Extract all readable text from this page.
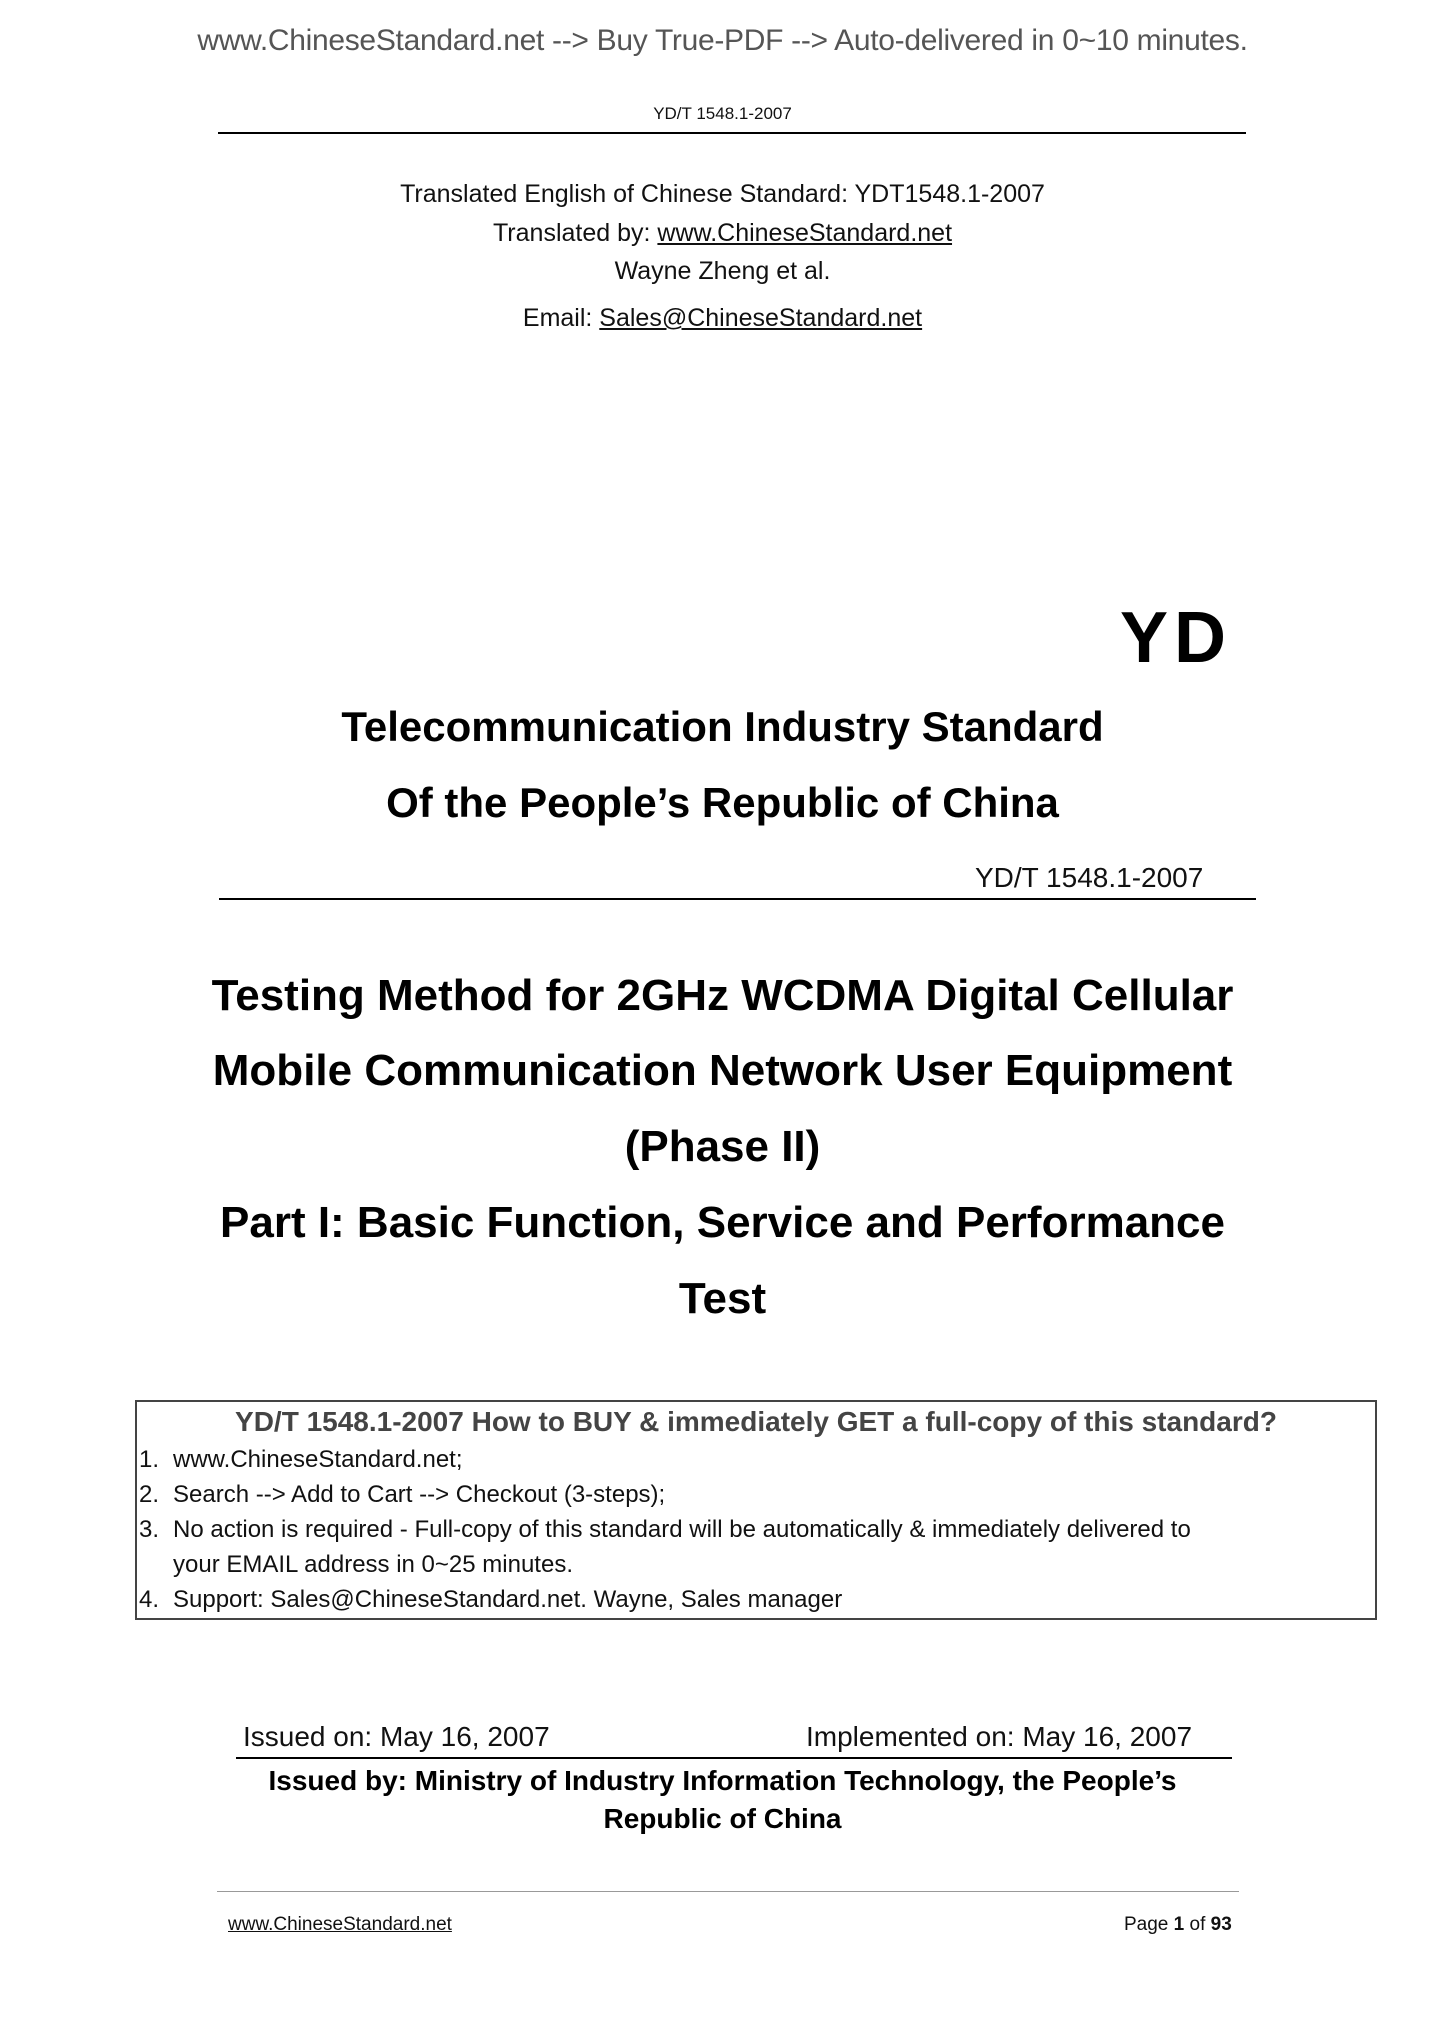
www.ChineseStandard.net --> Buy True-PDF --> Auto-delivered in 0~10 minutes.
YD/T 1548.1-2007
Translated English of Chinese Standard: YDT1548.1-2007
Translated by: www.ChineseStandard.net
Wayne Zheng et al.
Email: Sales@ChineseStandard.net
YD
Telecommunication Industry Standard
Of the People’s Republic of China
YD/T 1548.1-2007
Testing Method for 2GHz WCDMA Digital Cellular
Mobile Communication Network User Equipment
(Phase II)
Part I: Basic Function, Service and Performance
Test
YD/T 1548.1-2007 How to BUY & immediately GET a full-copy of this standard?
1. www.ChineseStandard.net;
2. Search --> Add to Cart --> Checkout (3-steps);
3. No action is required - Full-copy of this standard will be automatically & immediately delivered to
your EMAIL address in 0~25 minutes.
4. Support: Sales@ChineseStandard.net. Wayne, Sales manager
Issued on: May 16, 2007	Implemented on: May 16, 2007
Issued by: Ministry of Industry Information Technology, the People’s
Republic of China
www.ChineseStandard.net	Page 1 of 93
